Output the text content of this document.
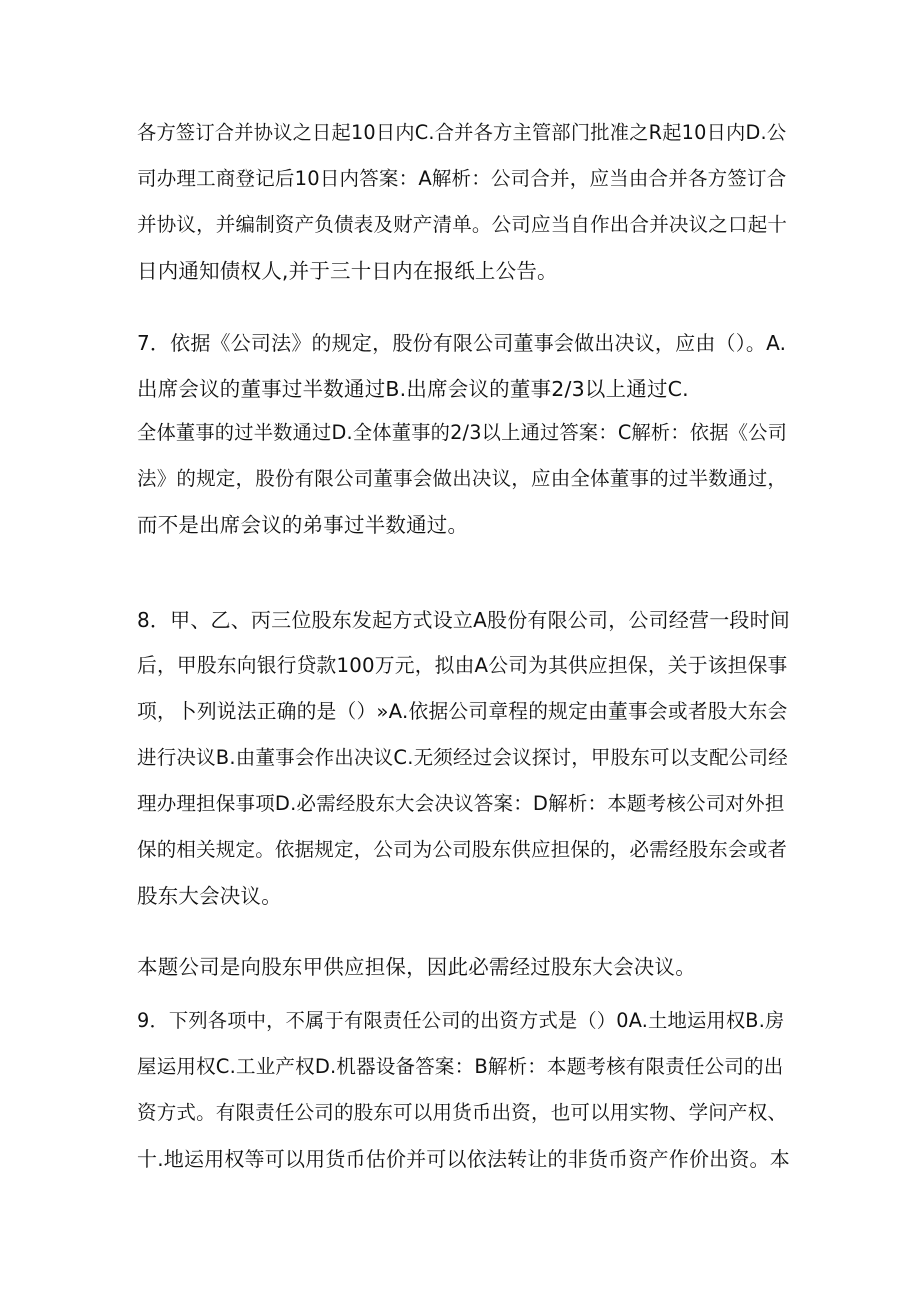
各方签订合并协议之日起10日内C.合并各方主管部门批准之R起10日内D.公
司办理工商登记后10日内答案：A解析：公司合并，应当由合并各方签订合
并协议，并编制资产负债表及财产清单。公司应当自作出合并决议之口起十
日内通知债权人,并于三十日内在报纸上公告。
7．依据《公司法》的规定，股份有限公司董事会做出决议，应由（）。A.
出席会议的董事过半数通过B.出席会议的董事2/3以上通过C.
全体董事的过半数通过D.全体董事的2/3以上通过答案：C解析：依据《公司
法》的规定，股份有限公司董事会做出决议，应由全体董事的过半数通过，
而不是出席会议的弟事过半数通过。
8．甲、乙、丙三位股东发起方式设立A股份有限公司，公司经营一段时间
后，甲股东向银行贷款100万元，拟由A公司为其供应担保，关于该担保事
项，卜列说法正确的是（）»A.依据公司章程的规定由董事会或者股大东会
进行决议B.由董事会作出决议C.无须经过会议探讨，甲股东可以支配公司经
理办理担保事项D.必需经股东大会决议答案：D解析：本题考核公司对外担
保的相关规定。依据规定，公司为公司股东供应担保的，必需经股东会或者
股东大会决议。
本题公司是向股东甲供应担保，因此必需经过股东大会决议。
9．下列各项中，不属于有限责任公司的出资方式是（）0A.土地运用权B.房
屋运用权C.工业产权D.机器设备答案：B解析：本题考核有限责任公司的出
资方式。有限责任公司的股东可以用货币出资，也可以用实物、学问产权、
十.地运用权等可以用货币估价并可以依法转让的非货币资产作价出资。本
